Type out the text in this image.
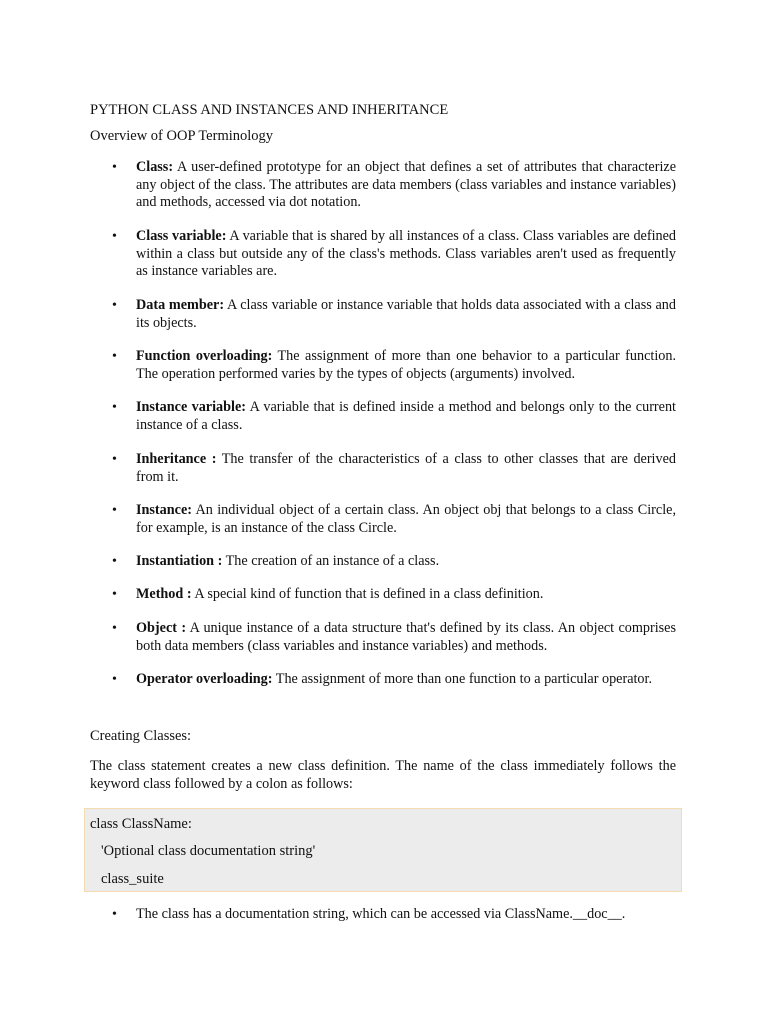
PYTHON CLASS AND INSTANCES AND INHERITANCE
Overview of OOP Terminology
• Class: A user-defined prototype for an object that defines a set of attributes that characterize any object of the class. The attributes are data members (class variables and instance variables) and methods, accessed via dot notation.
• Class variable: A variable that is shared by all instances of a class. Class variables are defined within a class but outside any of the class's methods. Class variables aren't used as frequently as instance variables are.
• Data member: A class variable or instance variable that holds data associated with a class and its objects.
• Function overloading: The assignment of more than one behavior to a particular function. The operation performed varies by the types of objects (arguments) involved.
• Instance variable: A variable that is defined inside a method and belongs only to the current instance of a class.
• Inheritance : The transfer of the characteristics of a class to other classes that are derived from it.
• Instance: An individual object of a certain class. An object obj that belongs to a class Circle, for example, is an instance of the class Circle.
• Instantiation : The creation of an instance of a class.
• Method : A special kind of function that is defined in a class definition.
• Object : A unique instance of a data structure that's defined by its class. An object comprises both data members (class variables and instance variables) and methods.
• Operator overloading: The assignment of more than one function to a particular operator.
Creating Classes:
The class statement creates a new class definition. The name of the class immediately follows the keyword class followed by a colon as follows:
class ClassName:
'Optional class documentation string'
class_suite
• The class has a documentation string, which can be accessed via ClassName.__doc__.
